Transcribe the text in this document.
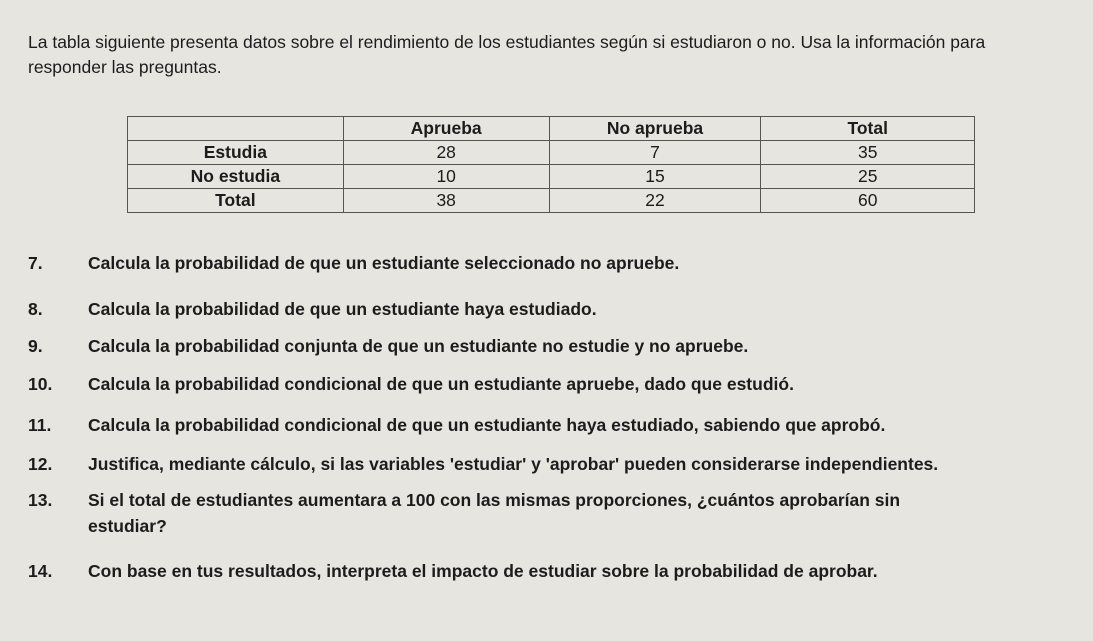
La tabla siguiente presenta datos sobre el rendimiento de los estudiantes según si estudiaron o no. Usa la información para responder las preguntas.
	Aprueba	No aprueba	Total
Estudia	28	7	35
No estudia	10	15	25
Total	38	22	60
7.	Calcula la probabilidad de que un estudiante seleccionado no apruebe.
8.	Calcula la probabilidad de que un estudiante haya estudiado.
9.	Calcula la probabilidad conjunta de que un estudiante no estudie y no apruebe.
10. Calcula la probabilidad condicional de que un estudiante apruebe, dado que estudió.
11. Calcula la probabilidad condicional de que un estudiante haya estudiado, sabiendo que aprobó.
12. Justifica, mediante cálculo, si las variables 'estudiar' y 'aprobar' pueden considerarse independientes.
13. Si el total de estudiantes aumentara a 100 con las mismas proporciones, ¿cuántos aprobarían sin
estudiar?
14. Con base en tus resultados, interpreta el impacto de estudiar sobre la probabilidad de aprobar.
